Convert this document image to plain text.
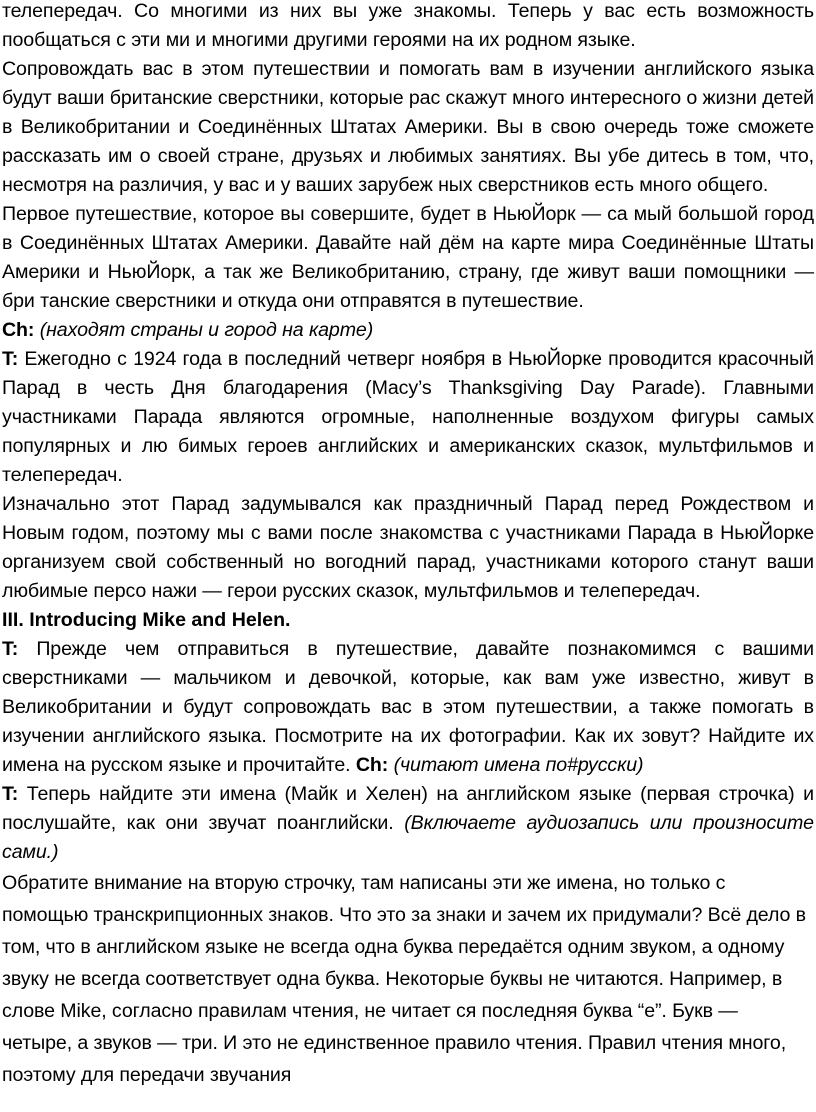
телепередач. Со многими из них вы уже знакомы. Теперь у вас есть возможность пообщаться с эти ми и многими другими героями на их родном языке.

Сопровождать вас в этом путешествии и помогать вам в изучении английского языка будут ваши британские сверстники, которые рас скажут много интересного о жизни детей в Великобритании и Соединённых Штатах Америки. Вы в свою очередь тоже сможете рассказать им о своей стране, друзьях и любимых занятиях. Вы убе дитесь в том, что, несмотря на различия, у вас и у ваших зарубеж ных сверстников есть много общего.

Первое путешествие, которое вы совершите, будет в НьюЙорк — са мый большой город в Соединённых Штатах Америки. Давайте най дём на карте мира Соединённые Штаты Америки и НьюЙорк, а так же Великобританию, страну, где живут ваши помощники — бри танские сверстники и откуда они отправятся в путешествие.

Ch: (находят страны и город на карте)

T: Ежегодно с 1924 года в последний четверг ноября в НьюЙорке проводится красочный Парад в честь Дня благодарения (Macy’s Thanksgiving Day Parade). Главными участниками Парада являются огромные, наполненные воздухом фигуры самых популярных и лю бимых героев английских и американских сказок, мультфильмов и телепередач.

Изначально этот Парад задумывался как праздничный Парад перед Рождеством и Новым годом, поэтому мы с вами после знакомства с участниками Парада в НьюЙорке организуем свой собственный но вогодний парад, участниками которого станут ваши любимые персо нажи — герои русских сказок, мультфильмов и телепередач.

III. Introducing Mike and Helen.

T: Прежде чем отправиться в путешествие, давайте познакомимся с вашими сверстниками — мальчиком и девочкой, которые, как вам уже известно, живут в Великобритании и будут сопровождать вас в этом путешествии, а также помогать в изучении английского языка. Посмотрите на их фотографии. Как их зовут? Найдите их имена на русском языке и прочитайте. Ch: (читают имена по#русски)

T: Теперь найдите эти имена (Майк и Хелен) на английском языке (первая строчка) и послушайте, как они звучат поанглийски. (Включаете аудиозапись или произносите сами.)

Обратите внимание на вторую строчку, там написаны эти же имена, но только с помощью транскрипционных знаков. Что это за знаки и зачем их придумали? Всё дело в том, что в английском языке не всегда одна буква передаётся одним звуком, а одному звуку не всегда соответствует одна буква. Некоторые буквы не читаются. Например, в слове Mike, согласно правилам чтения, не читает ся последняя буква “e”. Букв — четыре, а звуков — три. И это не единственное правило чтения. Правил чтения много, поэтому для передачи звучания
